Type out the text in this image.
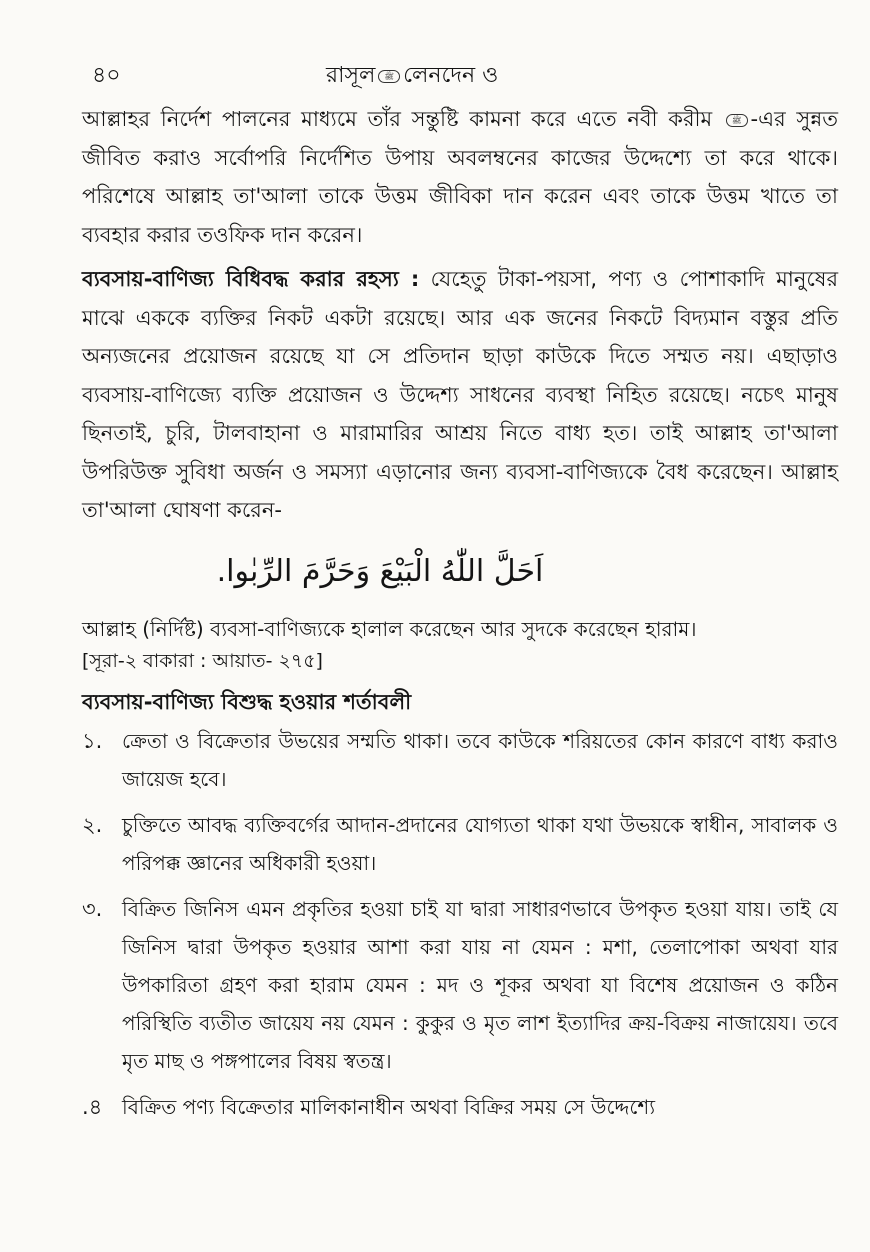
৪০	রাসূল ﷺ লেনদেন ও

আল্লাহর নির্দেশ পালনের মাধ্যমে তাঁর সন্তুষ্টি কামনা করে এতে নবী করীম ﷺ -এর সুন্নত জীবিত করাও সর্বোপরি নির্দেশিত উপায় অবলম্বনের কাজের উদ্দেশ্যে তা করে থাকে। পরিশেষে আল্লাহ তা'আলা তাকে উত্তম জীবিকা দান করেন এবং তাকে উত্তম খাতে তা ব্যবহার করার তওফিক দান করেন।

ব্যবসায়-বাণিজ্য বিধিবদ্ধ করার রহস্য : যেহেতু টাকা-পয়সা, পণ্য ও পোশাকাদি মানুষের মাঝে এককে ব্যক্তির নিকট একটা রয়েছে। আর এক জনের নিকটে বিদ্যমান বস্তুর প্রতি অন্যজনের প্রয়োজন রয়েছে যা সে প্রতিদান ছাড়া কাউকে দিতে সম্মত নয়। এছাড়াও ব্যবসায়-বাণিজ্যে ব্যক্তি প্রয়োজন ও উদ্দেশ্য সাধনের ব্যবস্থা নিহিত রয়েছে। নচেৎ মানুষ ছিনতাই, চুরি, টালবাহানা ও মারামারির আশ্রয় নিতে বাধ্য হত। তাই আল্লাহ তা'আলা উপরিউক্ত সুবিধা অর্জন ও সমস্যা এড়ানোর জন্য ব্যবসা-বাণিজ্যকে বৈধ করেছেন। আল্লাহ তা'আলা ঘোষণা করেন-

اَحَلَّ اللّٰهُ الْبَيْعَ وَحَرَّمَ الرِّبٰوا.

আল্লাহ (নির্দিষ্ট) ব্যবসা-বাণিজ্যকে হালাল করেছেন আর সুদকে করেছেন হারাম।

[সূরা-২ বাকারা : আয়াত- ২৭৫]

ব্যবসায়-বাণিজ্য বিশুদ্ধ হওয়ার শর্তাবলী

১. ক্রেতা ও বিক্রেতার উভয়ের সম্মতি থাকা। তবে কাউকে শরিয়তের কোন কারণে বাধ্য করাও জায়েজ হবে।
২. চুক্তিতে আবদ্ধ ব্যক্তিবর্গের আদান-প্রদানের যোগ্যতা থাকা যথা উভয়কে স্বাধীন, সাবালক ও পরিপক্ক জ্ঞানের অধিকারী হওয়া।
৩. বিক্রিত জিনিস এমন প্রকৃতির হওয়া চাই যা দ্বারা সাধারণভাবে উপকৃত হওয়া যায়। তাই যে জিনিস দ্বারা উপকৃত হওয়ার আশা করা যায় না যেমন : মশা, তেলাপোকা অথবা যার উপকারিতা গ্রহণ করা হারাম যেমন : মদ ও শূকর অথবা যা বিশেষ প্রয়োজন ও কঠিন পরিস্থিতি ব্যতীত জায়েয নয় যেমন : কুকুর ও মৃত লাশ ইত্যাদির ক্রয়-বিক্রয় নাজায়েয। তবে মৃত মাছ ও পঙ্গপালের বিষয় স্বতন্ত্র।
.৪ বিক্রিত পণ্য বিক্রেতার মালিকানাধীন অথবা বিক্রির সময় সে উদ্দেশ্যে
